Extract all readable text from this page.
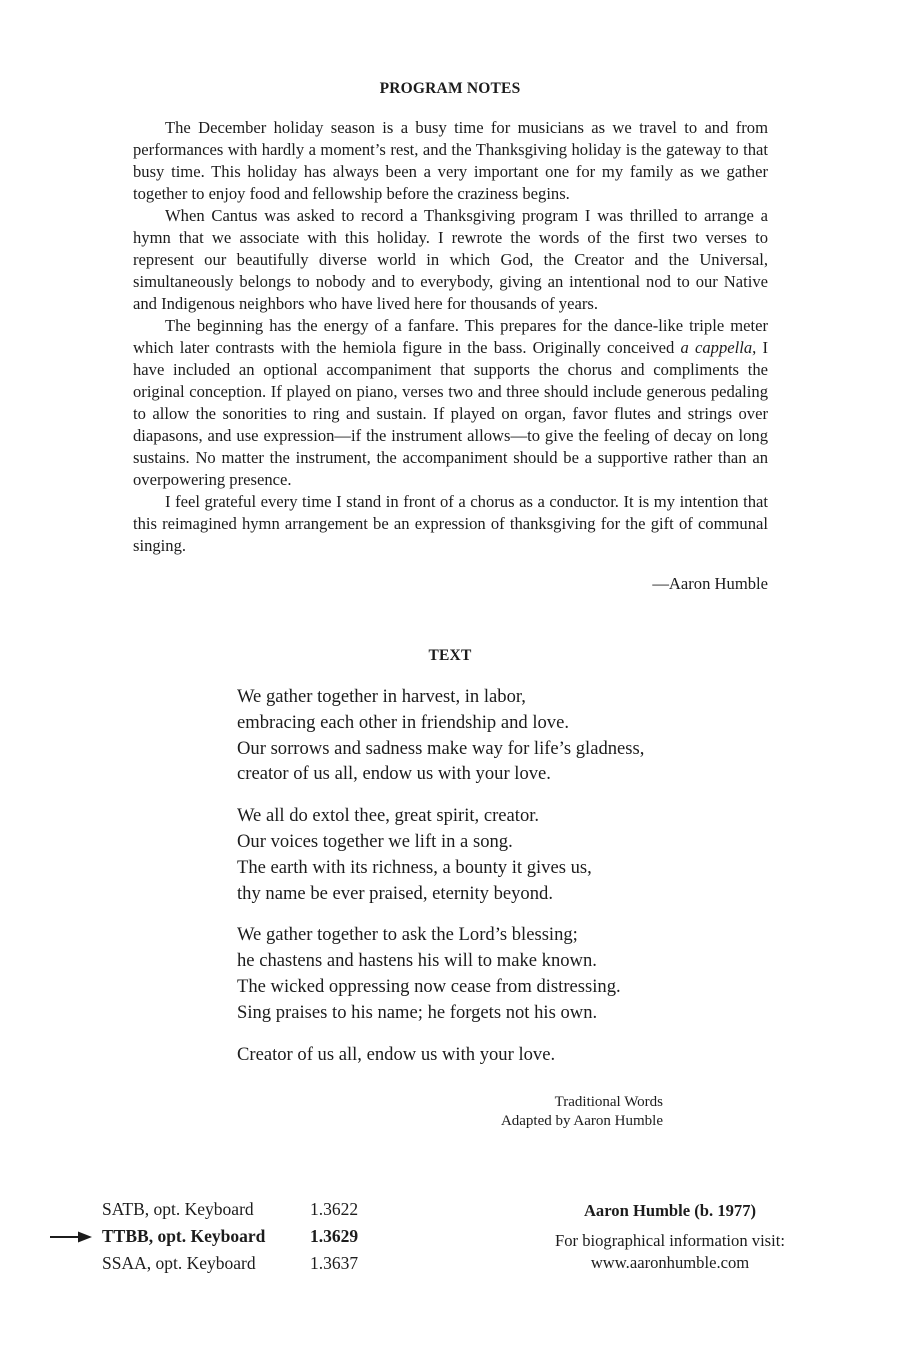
PROGRAM NOTES

The December holiday season is a busy time for musicians as we travel to and from performances with hardly a moment’s rest, and the Thanksgiving holiday is the gateway to that busy time. This holiday has always been a very important one for my family as we gather together to enjoy food and fellowship before the craziness begins.

When Cantus was asked to record a Thanksgiving program I was thrilled to arrange a hymn that we associate with this holiday. I rewrote the words of the first two verses to represent our beautifully diverse world in which God, the Creator and the Universal, simultaneously belongs to nobody and to everybody, giving an intentional nod to our Native and Indigenous neighbors who have lived here for thousands of years.

The beginning has the energy of a fanfare. This prepares for the dance-like triple meter which later contrasts with the hemiola figure in the bass. Originally conceived a cappella, I have included an optional accompaniment that supports the chorus and compliments the original conception. If played on piano, verses two and three should include generous pedaling to allow the sonorities to ring and sustain. If played on organ, favor flutes and strings over diapasons, and use expression—if the instrument allows—to give the feeling of decay on long sustains. No matter the instrument, the accompaniment should be a supportive rather than an overpowering presence.

I feel grateful every time I stand in front of a chorus as a conductor. It is my intention that this reimagined hymn arrangement be an expression of thanksgiving for the gift of communal singing.

—Aaron Humble
TEXT
We gather together in harvest, in labor,
embracing each other in friendship and love.
Our sorrows and sadness make way for life’s gladness,
creator of us all, endow us with your love.
We all do extol thee, great spirit, creator.
Our voices together we lift in a song.
The earth with its richness, a bounty it gives us,
thy name be ever praised, eternity beyond.
We gather together to ask the Lord’s blessing;
he chastens and hastens his will to make known.
The wicked oppressing now cease from distressing.
Sing praises to his name; he forgets not his own.
Creator of us all, endow us with your love.
Traditional Words
Adapted by Aaron Humble
SATB, opt. Keyboard	1.3622
TTBB, opt. Keyboard	1.3629
SSAA, opt. Keyboard	1.3637
Aaron Humble (b. 1977)
For biographical information visit:
www.aaronhumble.com
